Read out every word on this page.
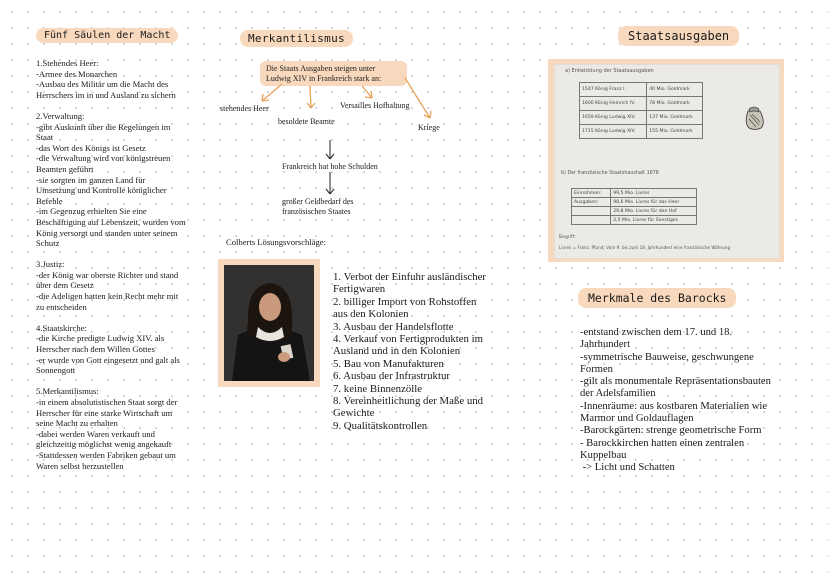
Fünf Säulen der Macht	Merkantilismus	Staatsausgaben
Merkmale des Barocks
1.Stehendes Heer:
-Armee des Monarchen
-Ausbau des Militär um die Macht des Herrschers im in und Ausland zu sichern

2.Verwaltung:
-gibt Auskunft über die Regelungen im Staat
-das Wort des Königs ist Gesetz
-die Verwaltung wird von königstreuen Beamten geführt
-sie sorgten im ganzen Land für Umsetzung und Kontrolle königlicher Befehle
-im Gegenzug erhielten Sie eine Beschäftigung auf Lebenszeit, wurden vom König versorgt und standen unter seinem Schutz

3.Justiz:
-der König war oberste Richter und stand über dem Gesetz
-die Adeligen hatten kein Recht mehr mit zu entscheiden

4.Staatskirche:
-die Kirche predigte Ludwig XIV. als Herrscher nach dem Willen Gottes
-er wurde von Gott eingesetzt und galt als Sonnengott

5.Merkantilismus:
-in einem absolutistischen Staat sorgt der Herrscher für eine starke Wirtschaft um seine Macht zu erhalten
-dabei werden Waren verkauft und gleichzeitig möglichst wenig angekauft
-Stattdessen werden Fabriken gebaut um Waren selbst herzustellen
Die Staats Ausgaben steigen unter Ludwig XIV in Frankreich stark an:
stehendes Heer
besoldete Beamte
Versailles Hofhaltung
Kriege
Frankreich hat hohe Schulden
großer Geldbedarf des
französischen Staates
Colberts Lösungsvorschläge:
1. Verbot der Einfuhr ausländischer
Fertigwaren
2. billiger Import von Rohstoffen
aus den Kolonien
3. Ausbau der Handelsflotte
4. Verkauf von Fertigprodukten im
Ausland und in den Kolonien
5. Bau von Manufakturen
6. Ausbau der Infrastruktur
7. keine Binnenzölle
8. Vereinheitlichung der Maße und
Gewichte
9. Qualitätskontrollen
a) Entwicklung der Staatsausgaben
1547 König Franz I.	40 Mio. Goldmark
1600 König Heinrich IV.	78 Mio. Goldmark
1659 König Ludwig XIV.	137 Mio. Goldmark
1715 König Ludwig XIV.	155 Mio. Goldmark
b) Der französische Staatshaushalt 1678
Einnahmen:	99,5 Mio. Livres
Ausgaben:	98,6 Mio. Livres für das Heer
	29,8 Mio. Livres für den Hof
	2,5 Mio. Livres für Sonstiges
Begriff:
Livres = Franz. Pfund; Vom 9. bis zum 18. Jahrhundert eine französische Währung
-entstand zwischen dem 17. und 18. Jahrhundert
-symmetrische Bauweise, geschwungene Formen
-gilt als monumentale Repräsentationsbauten der Adelsfamilien
-Innenräume: aus kostbaren Materialien wie Marmor und Goldauflagen
-Barockgärten: strenge geometrische Form
- Barockkirchen hatten einen zentralen Kuppelbau
-> Licht und Schatten
